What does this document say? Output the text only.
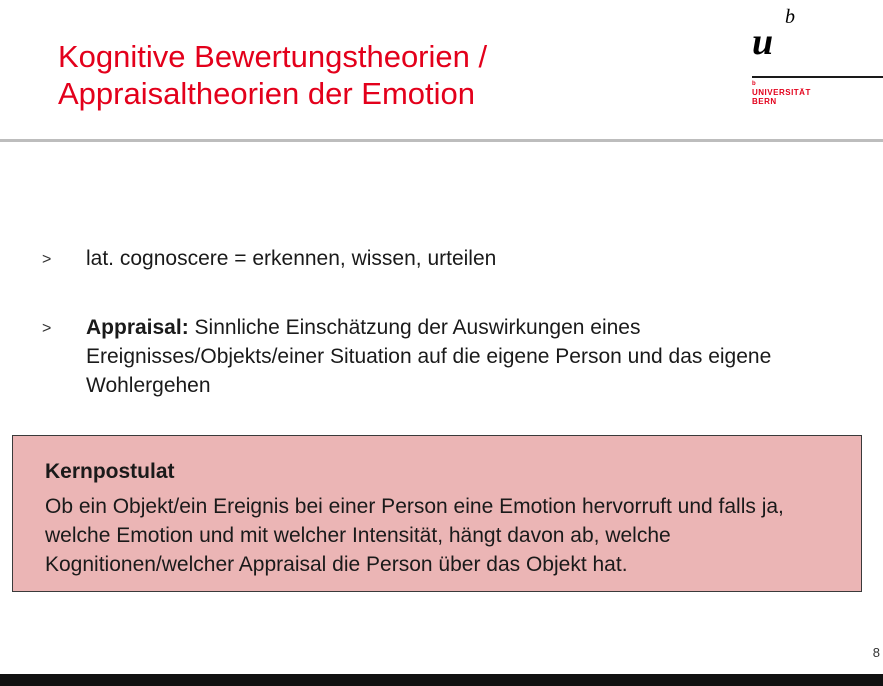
Kognitive Bewertungstheorien /
Appraisaltheorien der Emotion
u
b
b
UNIVERSITÄT
BERN
> lat. cognoscere = erkennen, wissen, urteilen
> Appraisal: Sinnliche Einschätzung der Auswirkungen eines Ereignisses/Objekts/einer Situation auf die eigene Person und das eigene Wohlergehen
Kernpostulat
Ob ein Objekt/ein Ereignis bei einer Person eine Emotion hervorruft und falls ja, welche Emotion und mit welcher Intensität, hängt davon ab, welche Kognitionen/welcher Appraisal die Person über das Objekt hat.
8
